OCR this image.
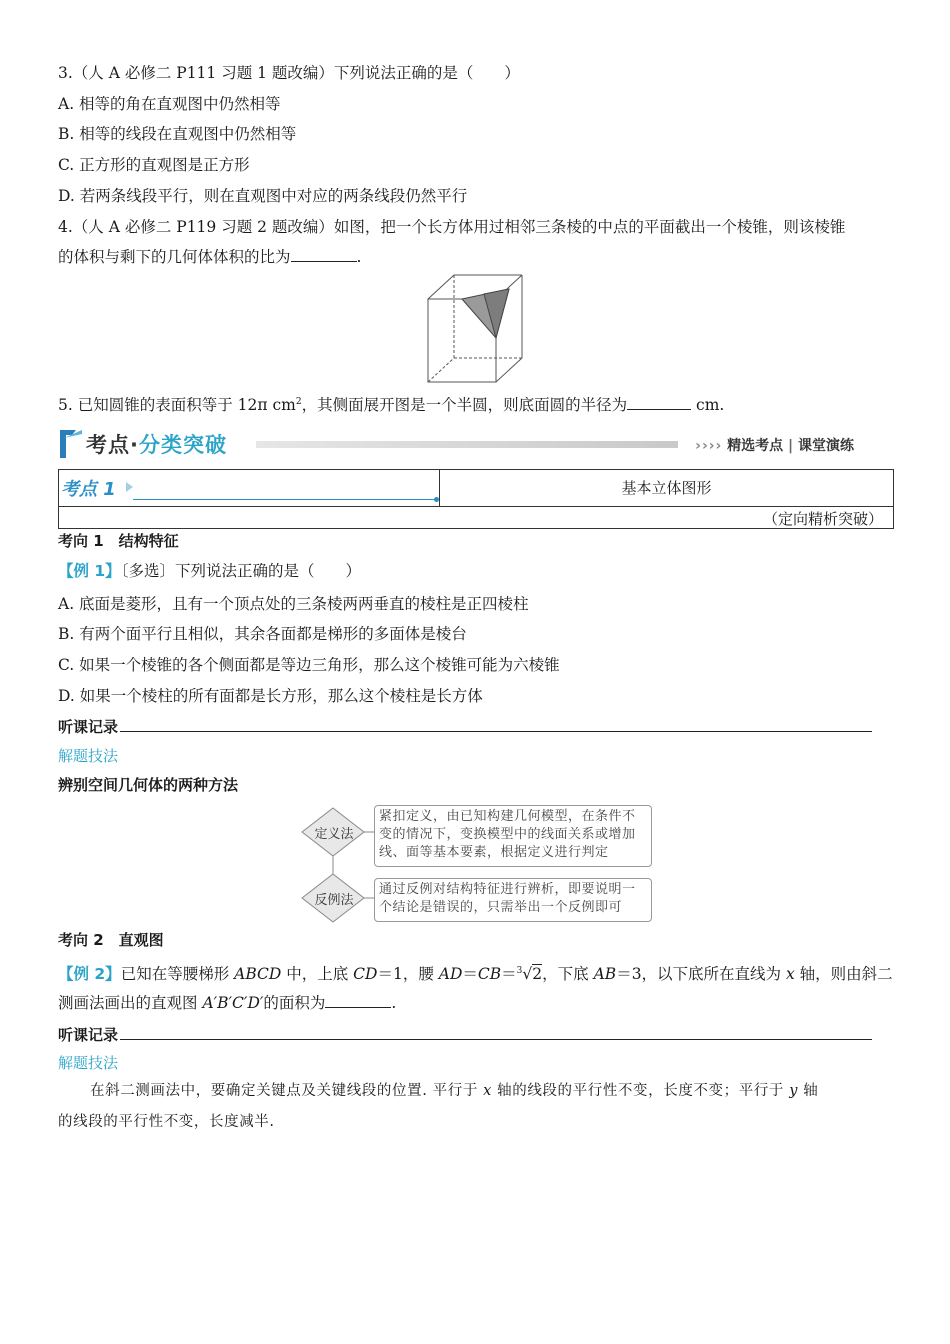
3.（人 A 必修二 P111 习题 1 题改编）下列说法正确的是（　　）
A. 相等的角在直观图中仍然相等
B. 相等的线段在直观图中仍然相等
C. 正方形的直观图是正方形
D. 若两条线段平行，则在直观图中对应的两条线段仍然平行
4.（人 A 必修二 P119 习题 2 题改编）如图，把一个长方体用过相邻三条棱的中点的平面截出一个棱锥，则该棱锥
的体积与剩下的几何体体积的比为	.
5. 已知圆锥的表面积等于 12π $cm^2$，其侧面展开图是一个半圆，则底面圆的半径为	cm.
考点·分类突破	›››› 精选考点 | 课堂演练
考点 1	基本立体图形
（定向精析突破）
考向 1　结构特征
【例 1】〔多选〕下列说法正确的是（　　）
A. 底面是菱形，且有一个顶点处的三条棱两两垂直的棱柱是正四棱柱
B. 有两个面平行且相似，其余各面都是梯形的多面体是棱台
C. 如果一个棱锥的各个侧面都是等边三角形，那么这个棱锥可能为六棱锥
D. 如果一个棱柱的所有面都是长方形，那么这个棱柱是长方体
听课记录
解题技法
辨别空间几何体的两种方法
定义法
反例法
紧扣定义，由已知构建几何模型，在条件不变的情况下，变换模型中的线面关系或增加线、面等基本要素，根据定义进行判定
通过反例对结构特征进行辨析，即要说明一个结论是错误的，只需举出一个反例即可
考向 2　直观图
【例 2】已知在等腰梯形 ABCD 中，上底 CD＝1，腰 AD＝CB＝$^3$√2，下底 AB＝3，以下底所在直线为 x 轴，则由斜二
测画法画出的直观图 A′B′C′D′的面积为	.
听课记录
解题技法
在斜二测画法中，要确定关键点及关键线段的位置. 平行于 x 轴的线段的平行性不变，长度不变；平行于 y 轴
的线段的平行性不变，长度减半.
